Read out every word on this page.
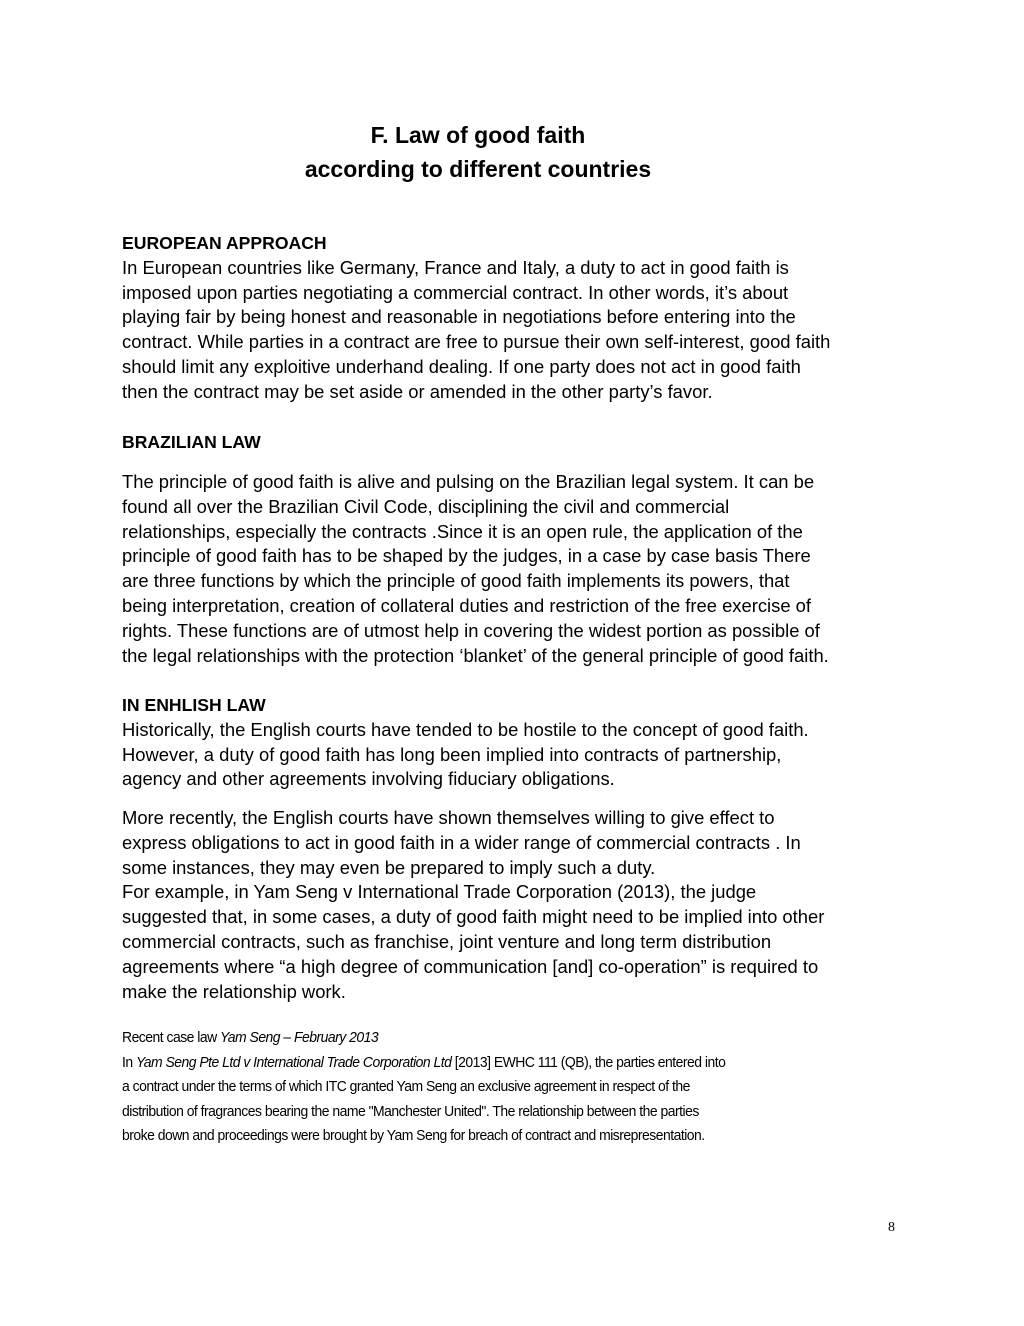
F. Law of good faith
according to different countries
EUROPEAN APPROACH
In European countries like Germany, France and Italy, a duty to act in good faith is
imposed upon parties negotiating a commercial contract. In other words, it’s about
playing fair by being honest and reasonable in negotiations before entering into the
contract. While parties in a contract are free to pursue their own self-interest, good faith
should limit any exploitive underhand dealing. If one party does not act in good faith
then the contract may be set aside or amended in the other party’s favor.
BRAZILIAN LAW
The principle of good faith is alive and pulsing on the Brazilian legal system. It can be
found all over the Brazilian Civil Code, disciplining the civil and commercial
relationships, especially the contracts .Since it is an open rule, the application of the
principle of good faith has to be shaped by the judges, in a case by case basis There
are three functions by which the principle of good faith implements its powers, that
being interpretation, creation of collateral duties and restriction of the free exercise of
rights. These functions are of utmost help in covering the widest portion as possible of
the legal relationships with the protection ‘blanket’ of the general principle of good faith.
IN ENHLISH LAW
Historically, the English courts have tended to be hostile to the concept of good faith.
However, a duty of good faith has long been implied into contracts of partnership,
agency and other agreements involving fiduciary obligations.
More recently, the English courts have shown themselves willing to give effect to
express obligations to act in good faith in a wider range of commercial contracts . In
some instances, they may even be prepared to imply such a duty.
For example, in Yam Seng v International Trade Corporation (2013), the judge
suggested that, in some cases, a duty of good faith might need to be implied into other
commercial contracts, such as franchise, joint venture and long term distribution
agreements where “a high degree of communication [and] co-operation” is required to
make the relationship work.

Recent case law Yam Seng – February 2013

In Yam Seng Pte Ltd v International Trade Corporation Ltd [2013] EWHC 111 (QB), the parties entered into

a contract under the terms of which ITC granted Yam Seng an exclusive agreement in respect of the

distribution of fragrances bearing the name "Manchester United". The relationship between the parties

broke down and proceedings were brought by Yam Seng for breach of contract and misrepresentation.

8
